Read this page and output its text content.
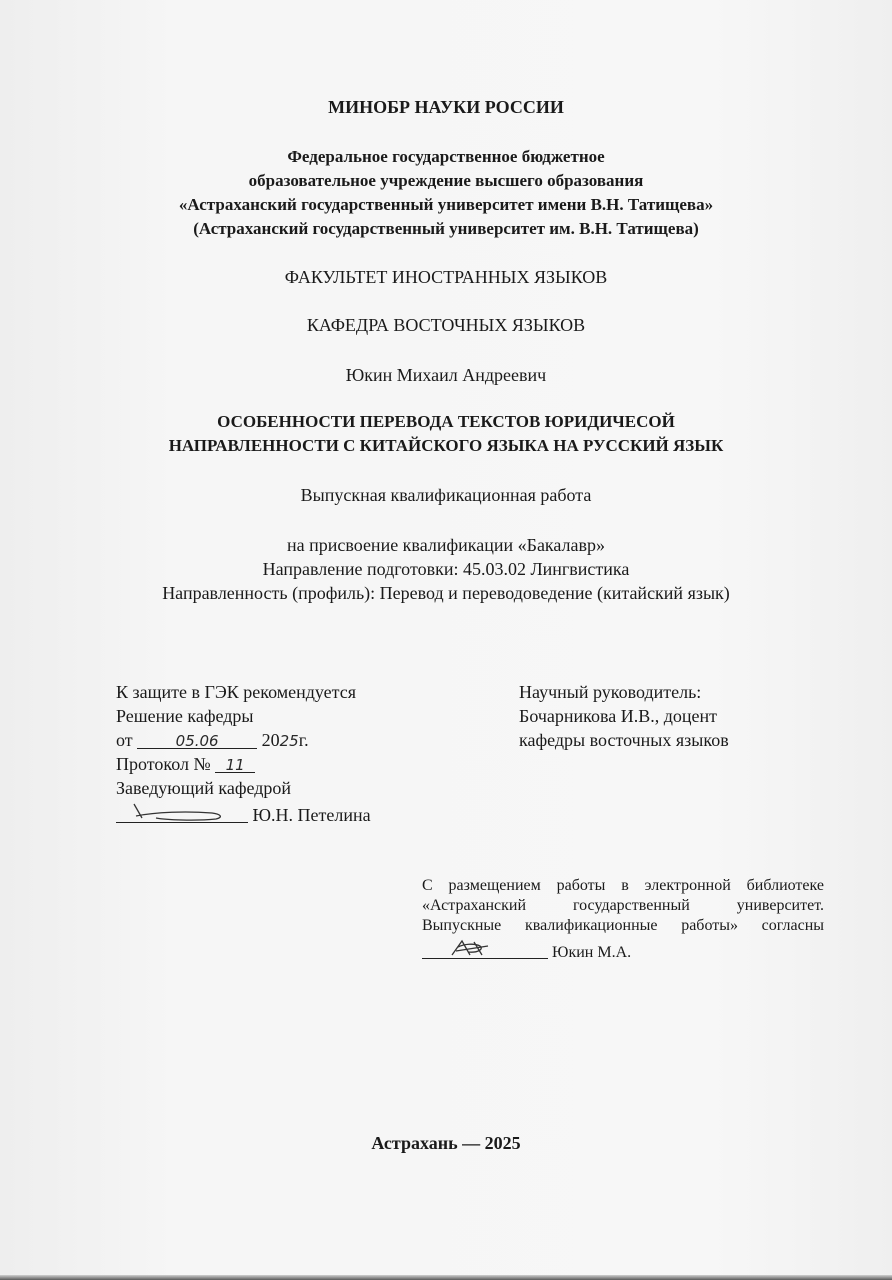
МИНОБР НАУКИ РОССИИ
Федеральное государственное бюджетное
образовательное учреждение высшего образования
«Астраханский государственный университет имени В.Н. Татищева»
(Астраханский государственный университет им. В.Н. Татищева)
ФАКУЛЬТЕТ ИНОСТРАННЫХ ЯЗЫКОВ
КАФЕДРА ВОСТОЧНЫХ ЯЗЫКОВ
Юкин Михаил Андреевич
ОСОБЕННОСТИ ПЕРЕВОДА ТЕКСТОВ ЮРИДИЧЕСОЙ
НАПРАВЛЕННОСТИ С КИТАЙСКОГО ЯЗЫКА НА РУССКИЙ ЯЗЫК
Выпускная квалификационная работа
на присвоение квалификации «Бакалавр»
Направление подготовки: 45.03.02 Лингвистика
Направленность (профиль): Перевод и переводоведение (китайский язык)
К защите в ГЭК рекомендуется
Решение кафедры
от	05.06 2025г.
Протокол № 11
Заведующий кафедрой
Ю.Н. Петелина
Научный руководитель:
Бочарникова И.В., доцент
кафедры восточных языков
С размещением работы в электронной библиотеке
«Астраханский государственный университет.
Выпускные квалификационные работы» согласны
Юкин М.А.
Астрахань — 2025
